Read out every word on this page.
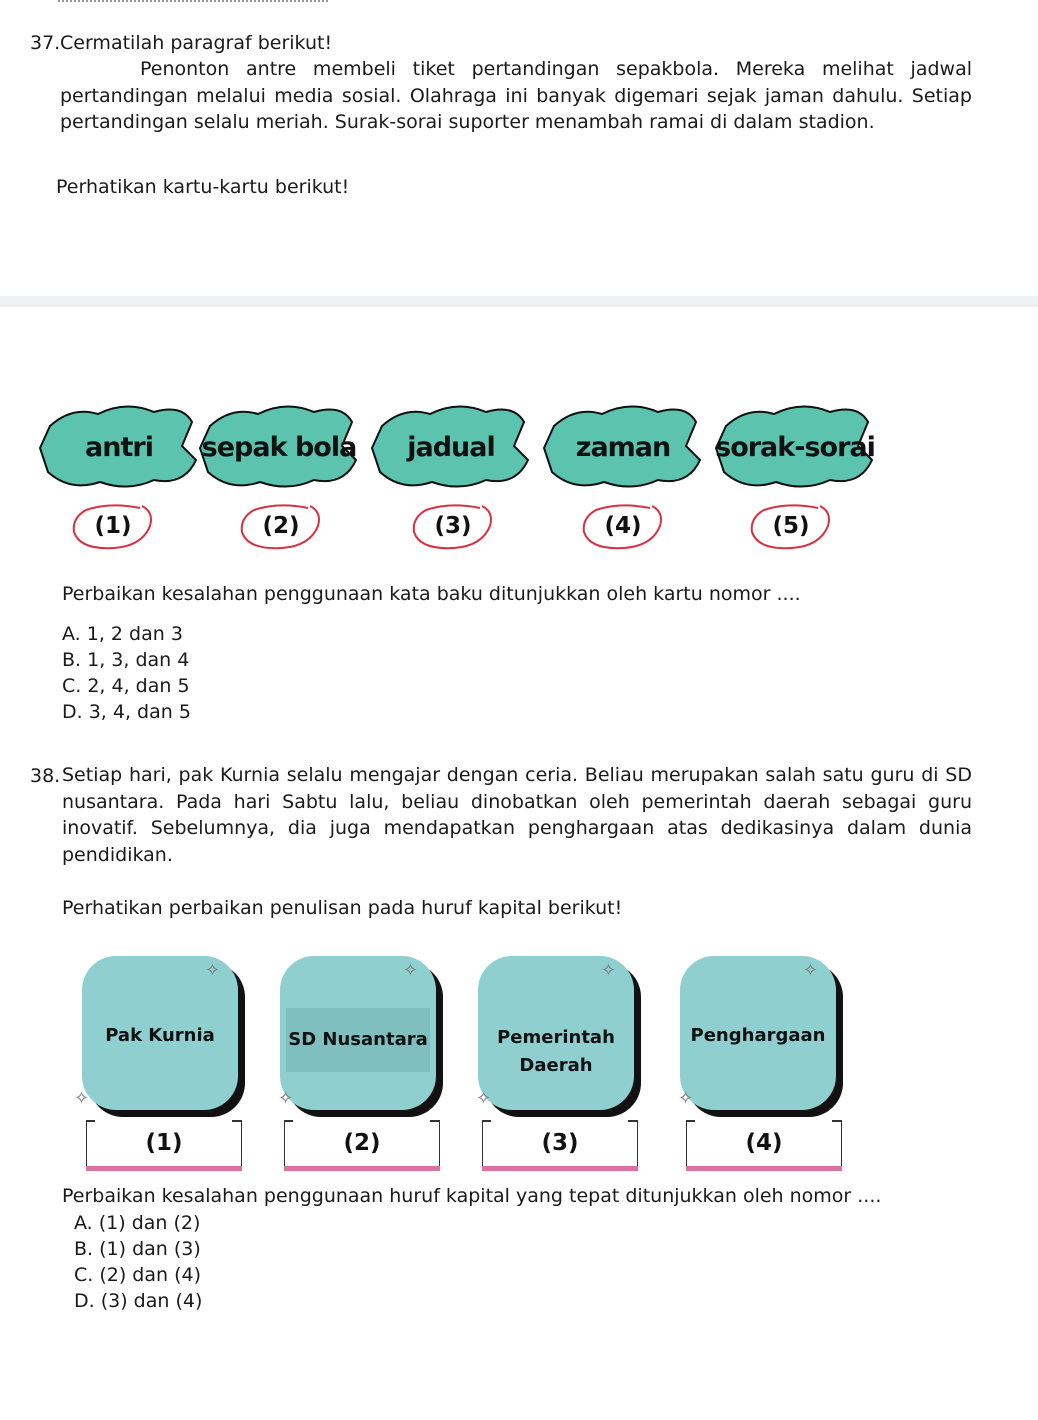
37. Cermatilah paragraf berikut!
Penonton antre membeli tiket pertandingan sepakbola. Mereka melihat jadwal
pertandingan melalui media sosial. Olahraga ini banyak digemari sejak jaman dahulu. Setiap
pertandingan selalu meriah. Surak-sorai suporter menambah ramai di dalam stadion.
Perhatikan kartu-kartu berikut!
antri	sepak bola	jadual	zaman	sorak-sorai
(1)	(2)	(3)	(4)	(5)
Perbaikan kesalahan penggunaan kata baku ditunjukkan oleh kartu nomor ....
A. 1, 2 dan 3
B. 1, 3, dan 4
C. 2, 4, dan 5
D. 3, 4, dan 5
38. Setiap hari, pak Kurnia selalu mengajar dengan ceria. Beliau merupakan salah satu guru di SD
nusantara. Pada hari Sabtu lalu, beliau dinobatkan oleh pemerintah daerah sebagai guru
inovatif. Sebelumnya, dia juga mendapatkan penghargaan atas dedikasinya dalam dunia
pendidikan.
Perhatikan perbaikan penulisan pada huruf kapital berikut!
✧
✧
Pak Kurnia
✧
✧
SD Nusantara
✧
✧
Pemerintah
Daerah
✧
✧
Penghargaan
(1)	(2)	(3)	(4)
Perbaikan kesalahan penggunaan huruf kapital yang tepat ditunjukkan oleh nomor ....
A. (1) dan (2)
B. (1) dan (3)
C. (2) dan (4)
D. (3) dan (4)
